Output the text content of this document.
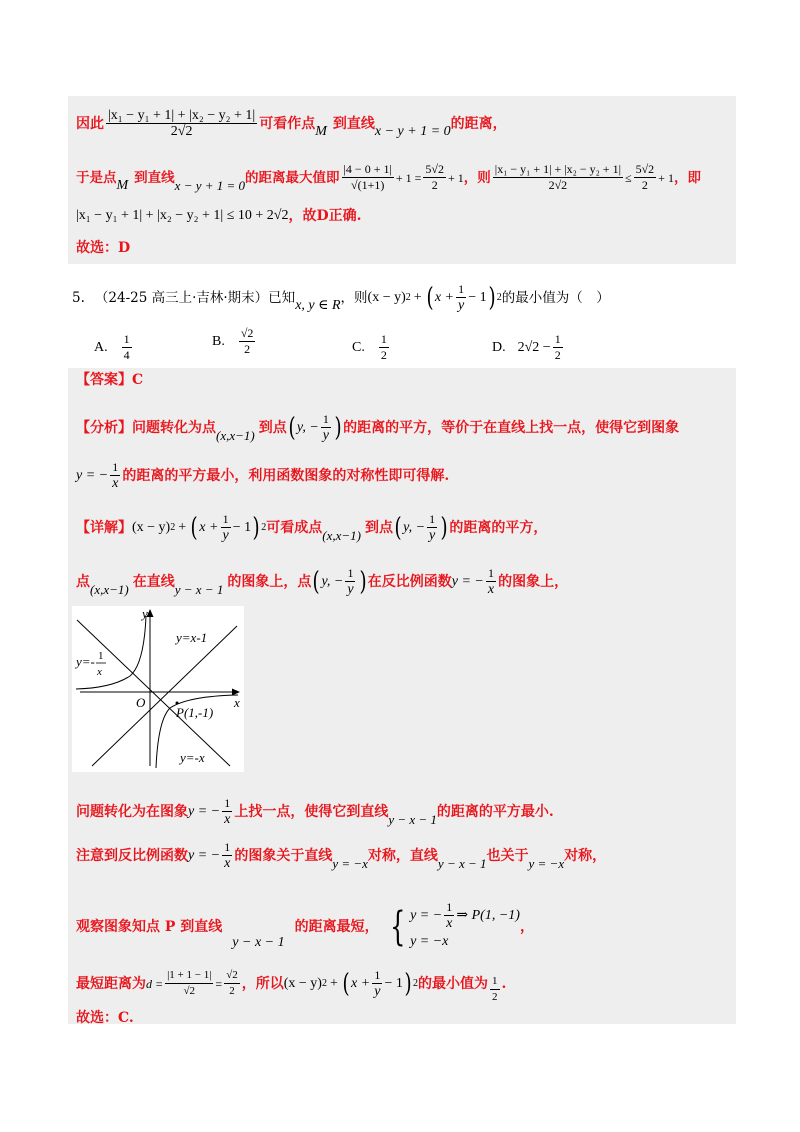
因此 $\frac{\text{|x₁ − y₁ + 1| + |x₂ − y₂ + 1|}}{2√2}$ 可看作点 M 到直线 x − y + 1 = 0 的距离，
于是点 M 到直线 x − y + 1 = 0 的距离最大值即 $\frac{|4 - 0 + 1|}{√(1+1)} + 1 = \frac{5√2}{2} + 1$ ，则 $\frac{\text{|x₁ − y₁ + 1| + |x₂ − y₂ + 1|}}{2√2} \le \frac{5√2}{2} + 1$ ，即
|x₁ − y₁ + 1| + |x₂ − y₂ + 1| ≤ 10 + 2√2 ，故D正确.
故选：D
5. （24-25 高三上·吉林·期末）已知 x, y ∈ R ，则 (x − y) 2 + ( $x + \frac{1}{y} - 1$ ) 2 的最小值为（　）
A. $\frac{1}{4}$	B. $\frac{√2}{2}$	C. $\frac{1}{2}$	D. $2√2 - \frac{1}{2}$
【答案】C
【分析】 问题转化为点 (x,x−1) 到点 ( y, − $\frac{1}{y}$ ) 的距离的平方，等价于在直线上找一点，使得它到图象
y = − $\frac{1}{x}$ 的距离的平方最小，利用函数图象的对称性即可得解.
【详解】 (x − y) 2 + ( $x + \frac{1}{y} - 1$ ) 2 可看成点 (x,x−1) 到点 ( y, − $\frac{1}{y}$ ) 的距离的平方，
点 (x,x−1) 在直线 y − x − 1 的图象上，点 ( y, − $\frac{1}{y}$ ) 在反比例函数 y = − $\frac{1}{x}$ 的图象上，
y
x
O
y=x-1
y=- 1
x
P(1,-1)
y=-x
问题转化为在图象 y = − $\frac{1}{x}$ 上找一点，使得它到直线 y − x − 1 的距离的平方最小.
注意到反比例函数 y = − $\frac{1}{x}$ 的图象关于直线 y = −x 对称，直线 y − x − 1 也关于 y = −x 对称，
观察图象知点 P 到直线
y − x − 1
的距离最短， { y = − $\frac{1}{x}$ ⇒ P(1, −1)
y = −x
，
最短距离为 $d = \frac{|1 + 1 - 1|}{√2} = \frac{√2}{2}$ ，所以 (x − y) 2 + ( $x + \frac{1}{y} - 1$ ) 2 的最小值为 $\frac{1}{2}$ .
故选：C.
